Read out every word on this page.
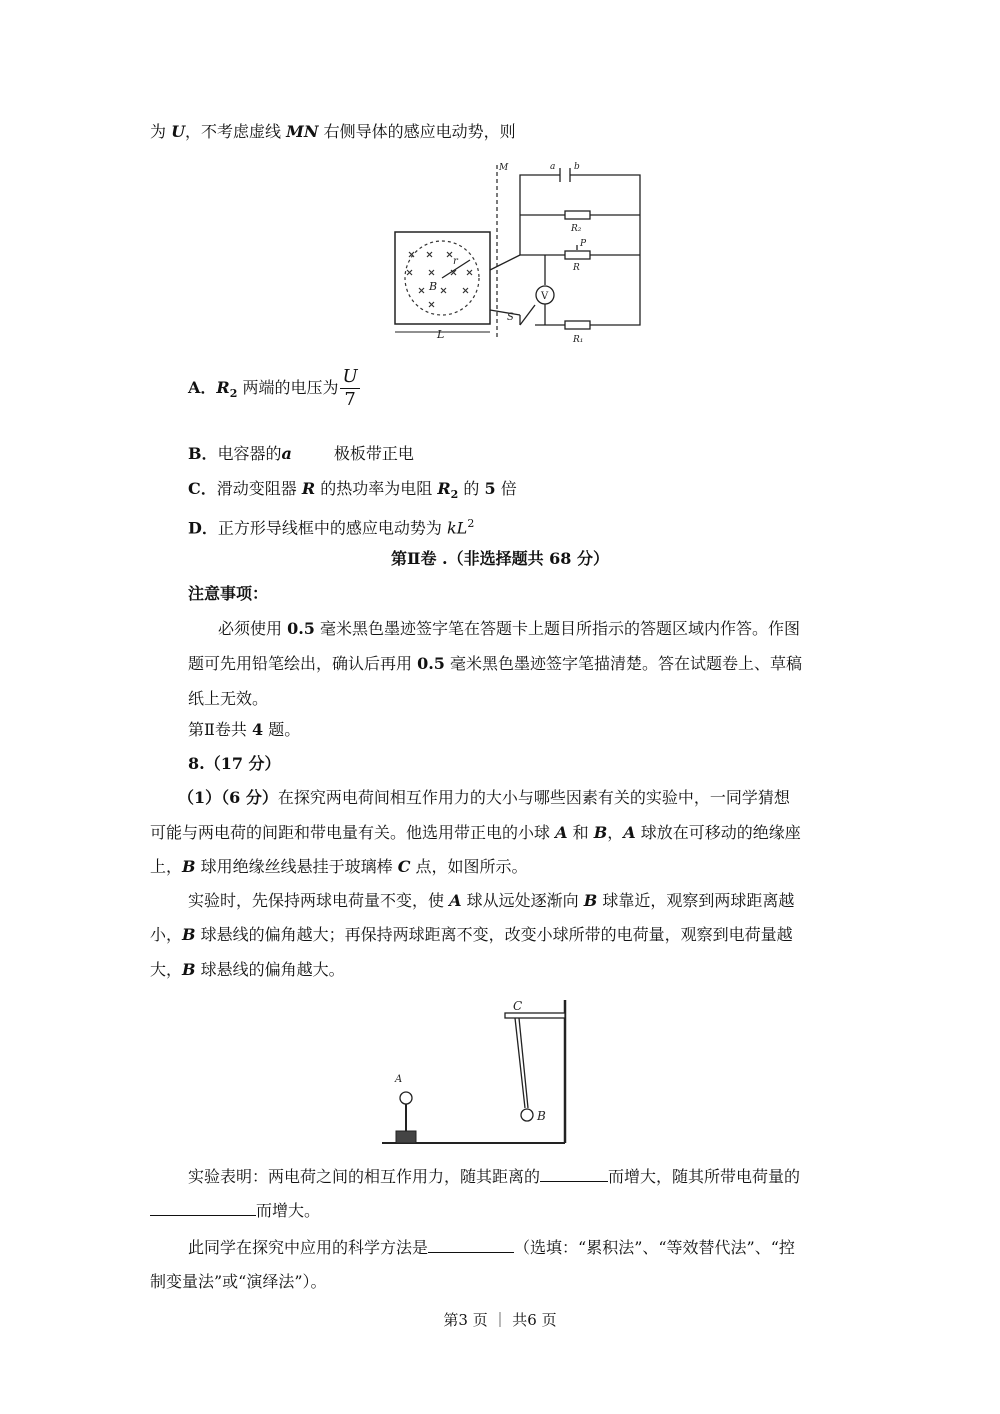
为 U，不考虑虚线 MN 右侧导体的感应电动势，则
r
B
L
M	a b
R₂
P
R
V
S
R₁
A．$R_2$ 两端的电压为 $\frac{U}{7}$
B．电容器的a	极板带正电
C．滑动变阻器 R 的热功率为电阻 $R_2$ 的 5 倍
D．正方形导线框中的感应电动势为 $kL^2$
第Ⅱ卷 .（非选择题共 68 分）
注意事项：
必须使用 0.5 毫米黑色墨迹签字笔在答题卡上题目所指示的答题区域内作答。作图
题可先用铅笔绘出，确认后再用 0.5 毫米黑色墨迹签字笔描清楚。答在试题卷上、草稿
纸上无效。
第Ⅱ卷共 4 题。
8.（17 分）
（1）（6 分）在探究两电荷间相互作用力的大小与哪些因素有关的实验中，一同学猜想
可能与两电荷的间距和带电量有关。他选用带正电的小球 A 和 B，A 球放在可移动的绝缘座
上，B 球用绝缘丝线悬挂于玻璃棒 C 点，如图所示。
实验时，先保持两球电荷量不变，使 A 球从远处逐渐向 B 球靠近，观察到两球距离越
小，B 球悬线的偏角越大；再保持两球距离不变，改变小球所带的电荷量，观察到电荷量越
大，B 球悬线的偏角越大。
C
B
A
实验表明：两电荷之间的相互作用力，随其距离的	而增大，随其所带电荷量的
而增大。
此同学在探究中应用的科学方法是	（选填：“累积法”、“等效替代法”、“控
制变量法”或“演绎法”）。
第3 页 ｜ 共6 页
